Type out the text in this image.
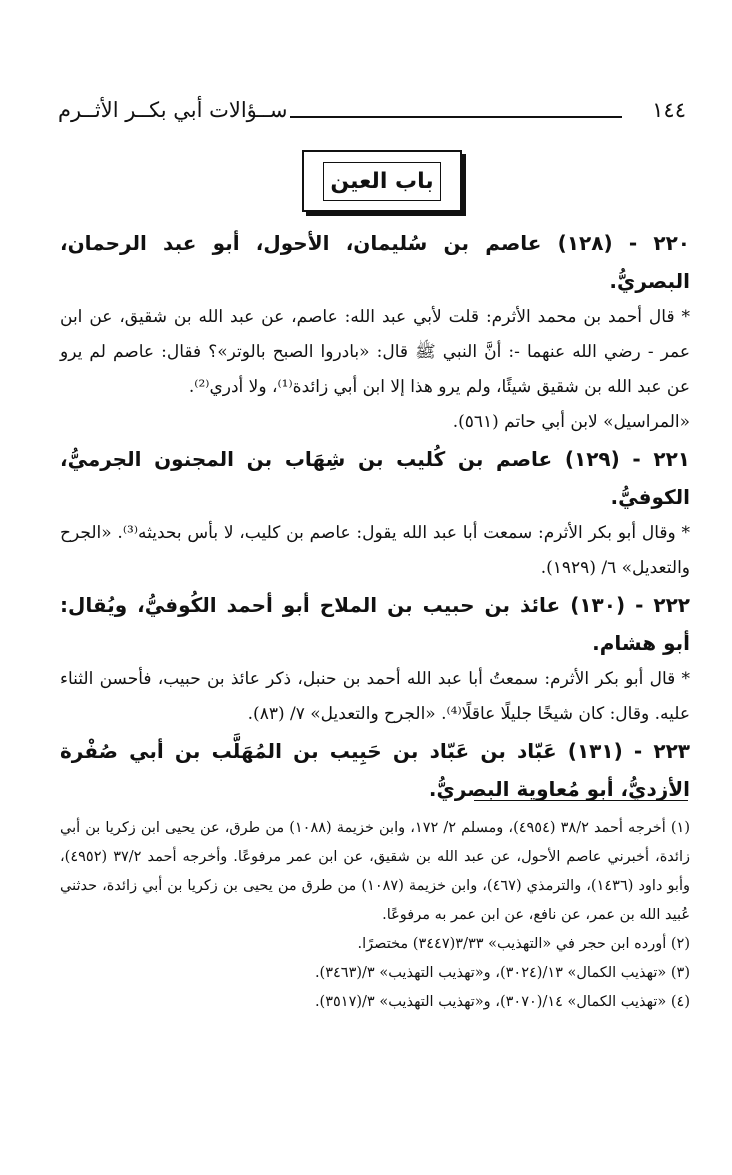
ســؤالات أبي بكــر الأثــرم	١٤٤
باب العين

٢٢٠ - (١٢٨) عاصم بن سُليمان، الأحول، أبو عبد الرحمان، البصريُّ.

* قال أحمد بن محمد الأثرم: قلت لأبي عبد الله: عاصم، عن عبد الله بن شقيق، عن ابن عمر - رضي الله عنهما -: أنَّ النبي ﷺ قال: «بادروا الصبح بالوتر»؟ فقال: عاصم لم يرو عن عبد الله بن شقيق شيئًا، ولم يرو هذا إلا ابن أبي زائدة⁽¹⁾، ولا أدري⁽²⁾.

«المراسيل» لابن أبي حاتم (٥٦١).

٢٢١ - (١٢٩) عاصم بن كُليب بن شِهَاب بن المجنون الجرميُّ، الكوفيُّ.

* وقال أبو بكر الأثرم: سمعت أبا عبد الله يقول: عاصم بن كليب، لا بأس بحديثه⁽³⁾. «الجرح والتعديل» ٦/ (١٩٢٩).

٢٢٢ - (١٣٠) عائذ بن حبيب بن الملاح أبو أحمد الكُوفيُّ، ويُقال: أبو هشام.

* قال أبو بكر الأثرم: سمعتُ أبا عبد الله أحمد بن حنبل، ذكر عائذ بن حبيب، فأحسن الثناء عليه. وقال: كان شيخًا جليلًا عاقلًا⁽⁴⁾. «الجرح والتعديل» ٧/ (٨٣).

٢٢٣ - (١٣١) عَبّاد بن عَبّاد بن حَبِيب بن المُهَلَّب بن أبي صُفْرة الأزديُّ، أبو مُعاوية البصريُّ.

(١) أخرجه أحمد ٣٨/٢ (٤٩٥٤)، ومسلم ٢/ ١٧٢، وابن خزيمة (١٠٨٨) من طرق، عن يحيى ابن زكريا بن أبي زائدة، أخبرني عاصم الأحول، عن عبد الله بن شقيق، عن ابن عمر مرفوعًا. وأخرجه أحمد ٣٧/٢ (٤٩٥٢)، وأبو داود (١٤٣٦)، والترمذي (٤٦٧)، وابن خزيمة (١٠٨٧) من طرق من يحيى بن زكريا بن أبي زائدة، حدثني عُبيد الله بن عمر، عن نافع، عن ابن عمر به مرفوعًا.

(٢) أورده ابن حجر في «التهذيب» ٣/٣٣(٣٤٤٧) مختصرًا.

(٣) «تهذيب الكمال» ١٣/(٣٠٢٤)، و«تهذيب التهذيب» ٣/(٣٤٦٣).

(٤) «تهذيب الكمال» ١٤/(٣٠٧٠)، و«تهذيب التهذيب» ٣/(٣٥١٧).
